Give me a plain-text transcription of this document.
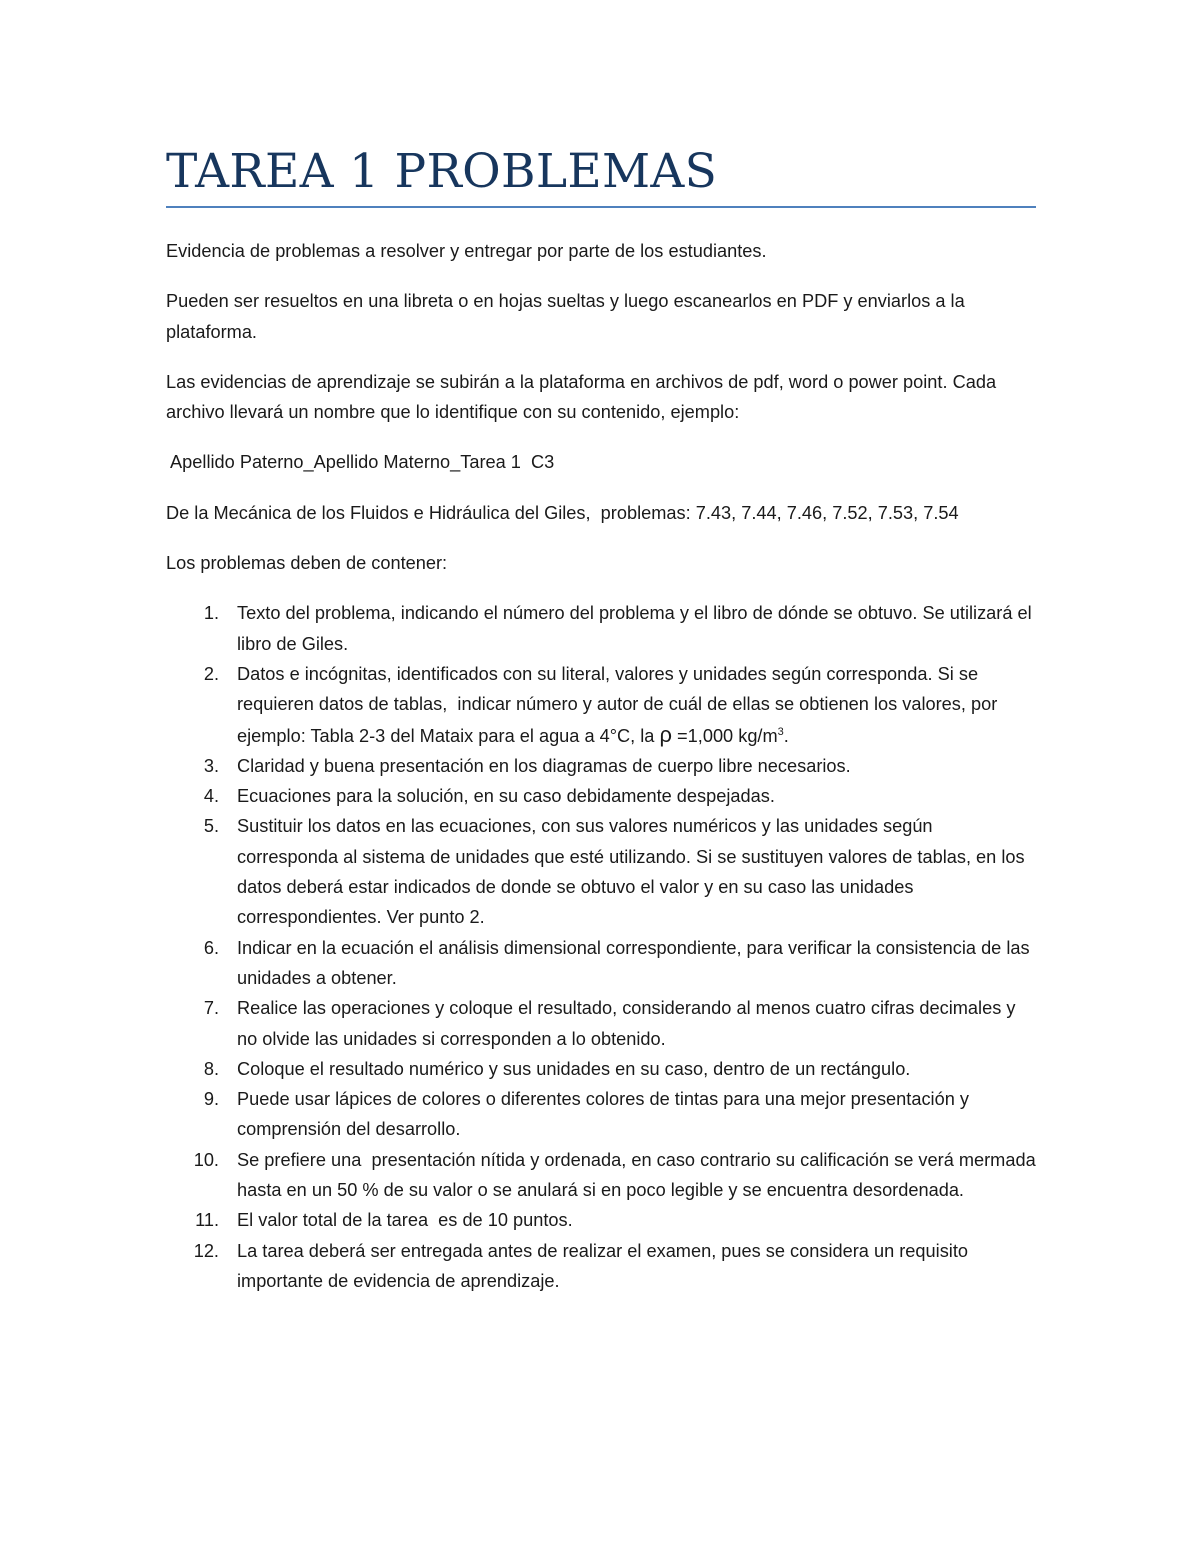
TAREA 1 PROBLEMAS

Evidencia de problemas a resolver y entregar por parte de los estudiantes.

Pueden ser resueltos en una libreta o en hojas sueltas y luego escanearlos en PDF y enviarlos a la plataforma.

Las evidencias de aprendizaje se subirán a la plataforma en archivos de pdf, word o power point. Cada archivo llevará un nombre que lo identifique con su contenido, ejemplo:

Apellido Paterno_Apellido Materno_Tarea 1  C3

De la Mecánica de los Fluidos e Hidráulica del Giles,  problemas: 7.43, 7.44, 7.46, 7.52, 7.53, 7.54

Los problemas deben de contener:

1. Texto del problema, indicando el número del problema y el libro de dónde se obtuvo. Se utilizará el libro de Giles.
2. Datos e incógnitas, identificados con su literal, valores y unidades según corresponda. Si se requieren datos de tablas,  indicar número y autor de cuál de ellas se obtienen los valores, por ejemplo: Tabla 2-3 del Mataix para el agua a 4°C, la ρ =1,000 $kg/m^3$.
3. Claridad y buena presentación en los diagramas de cuerpo libre necesarios.
4. Ecuaciones para la solución, en su caso debidamente despejadas.
5. Sustituir los datos en las ecuaciones, con sus valores numéricos y las unidades según corresponda al sistema de unidades que esté utilizando. Si se sustituyen valores de tablas, en los datos deberá estar indicados de donde se obtuvo el valor y en su caso las unidades correspondientes. Ver punto 2.
6. Indicar en la ecuación el análisis dimensional correspondiente, para verificar la consistencia de las unidades a obtener.
7. Realice las operaciones y coloque el resultado, considerando al menos cuatro cifras decimales y no olvide las unidades si corresponden a lo obtenido.
8. Coloque el resultado numérico y sus unidades en su caso, dentro de un rectángulo.
9. Puede usar lápices de colores o diferentes colores de tintas para una mejor presentación y comprensión del desarrollo.
10. Se prefiere una  presentación nítida y ordenada, en caso contrario su calificación se verá mermada hasta en un 50 % de su valor o se anulará si en poco legible y se encuentra desordenada.
11. El valor total de la tarea  es de 10 puntos.
12. La tarea deberá ser entregada antes de realizar el examen, pues se considera un requisito importante de evidencia de aprendizaje.
